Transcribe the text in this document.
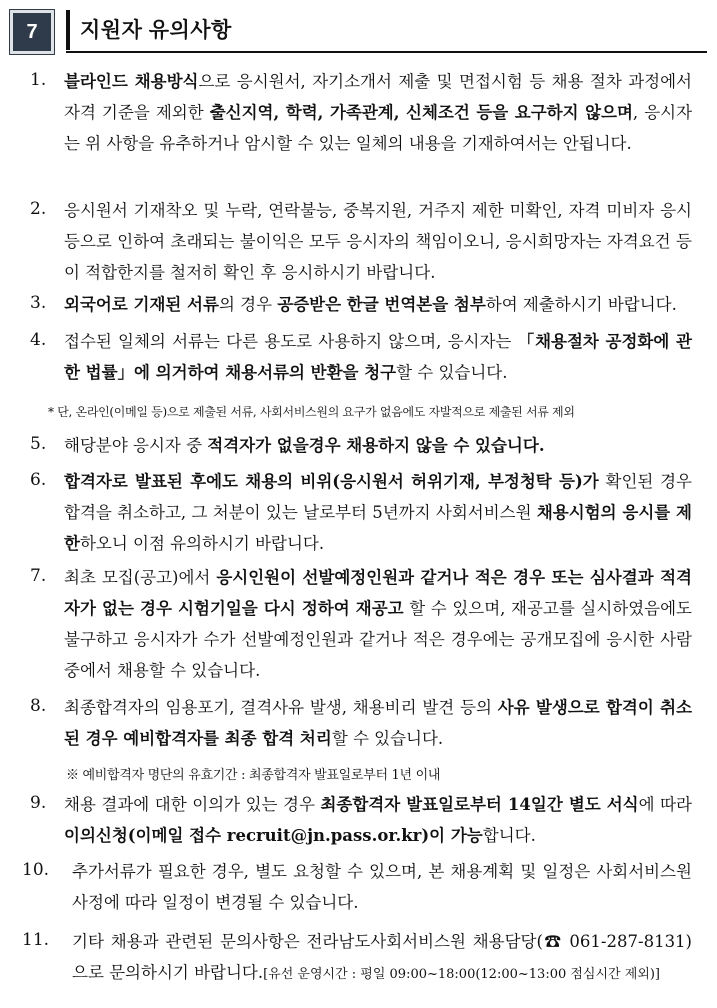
7	지원자 유의사항
1. 블라인드 채용방식으로 응시원서, 자기소개서 제출 및 면접시험 등 채용 절차 과정에서 자격 기준을 제외한 출신지역, 학력, 가족관계, 신체조건 등을 요구하지 않으며, 응시자는 위 사항을 유추하거나 암시할 수 있는 일체의 내용을 기재하여서는 안됩니다.
2. 응시원서 기재착오 및 누락, 연락불능, 중복지원, 거주지 제한 미확인, 자격 미비자 응시 등으로 인하여 초래되는 불이익은 모두 응시자의 책임이오니, 응시희망자는 자격요건 등이 적합한지를 철저히 확인 후 응시하시기 바랍니다.
3. 외국어로 기재된 서류의 경우 공증받은 한글 번역본을 첨부하여 제출하시기 바랍니다.
4. 접수된 일체의 서류는 다른 용도로 사용하지 않으며, 응시자는 「채용절차 공정화에 관한 법률」에 의거하여 채용서류의 반환을 청구할 수 있습니다.
* 단, 온라인(이메일 등)으로 제출된 서류, 사회서비스원의 요구가 없음에도 자발적으로 제출된 서류 제외
5. 해당분야 응시자 중 적격자가 없을경우 채용하지 않을 수 있습니다.
6. 합격자로 발표된 후에도 채용의 비위(응시원서 허위기재, 부정청탁 등)가 확인된 경우 합격을 취소하고, 그 처분이 있는 날로부터 5년까지 사회서비스원 채용시험의 응시를 제한하오니 이점 유의하시기 바랍니다.
7. 최초 모집(공고)에서 응시인원이 선발예정인원과 같거나 적은 경우 또는 심사결과 적격자가 없는 경우 시험기일을 다시 정하여 재공고 할 수 있으며, 재공고를 실시하였음에도 불구하고 응시자가 수가 선발예정인원과 같거나 적은 경우에는 공개모집에 응시한 사람 중에서 채용할 수 있습니다.
8. 최종합격자의 임용포기, 결격사유 발생, 채용비리 발견 등의 사유 발생으로 합격이 취소된 경우 예비합격자를 최종 합격 처리할 수 있습니다.
※ 예비합격자 명단의 유효기간 : 최종합격자 발표일로부터 1년 이내
9. 채용 결과에 대한 이의가 있는 경우 최종합격자 발표일로부터 14일간 별도 서식에 따라 이의신청(이메일 접수 recruit@jn.pass.or.kr)이 가능합니다.
10. 추가서류가 필요한 경우, 별도 요청할 수 있으며, 본 채용계획 및 일정은 사회서비스원 사정에 따라 일정이 변경될 수 있습니다.
11. 기타 채용과 관련된 문의사항은 전라남도사회서비스원 채용담당(☎ 061-287-8131)으로 문의하시기 바랍니다.[유선 운영시간 : 평일 09:00~18:00(12:00~13:00 점심시간 제외)]
